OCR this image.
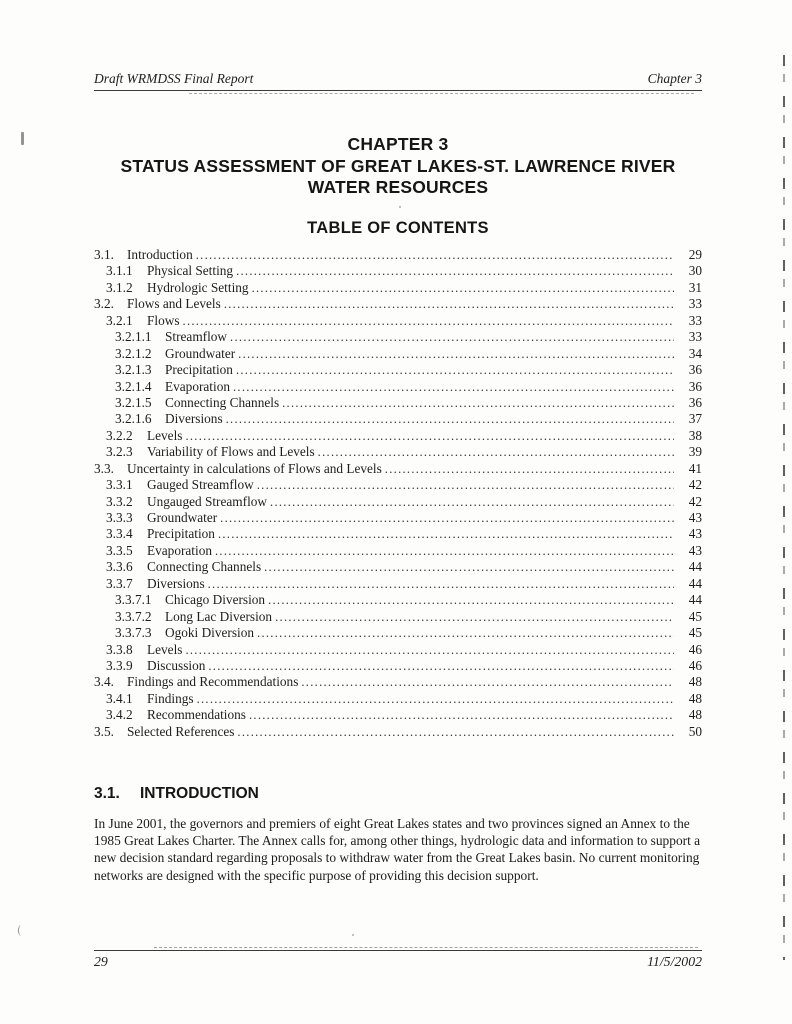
Draft WRMDSS Final Report	Chapter 3
CHAPTER 3
STATUS ASSESSMENT OF GREAT LAKES-ST. LAWRENCE RIVER
WATER RESOURCES
TABLE OF CONTENTS
3.1. Introduction .....	29
3.1.1	Physical Setting .....	30
3.1.2	Hydrologic Setting .....	31
3.2. Flows and Levels .....	33
3.2.1	Flows .....	33
3.2.1.1	Streamflow .....	33
3.2.1.2	Groundwater .....	34
3.2.1.3	Precipitation .....	36
3.2.1.4	Evaporation .....	36
3.2.1.5	Connecting Channels .....	36
3.2.1.6	Diversions .....	37
3.2.2	Levels .....	38
3.2.3	Variability of Flows and Levels .....	39
3.3. Uncertainty in calculations of Flows and Levels .....	41
3.3.1	Gauged Streamflow .....	42
3.3.2	Ungauged Streamflow .....	42
3.3.3	Groundwater .....	43
3.3.4	Precipitation .....	43
3.3.5	Evaporation .....	43
3.3.6	Connecting Channels .....	44
3.3.7	Diversions .....	44
3.3.7.1	Chicago Diversion .....	44
3.3.7.2	Long Lac Diversion .....	45
3.3.7.3	Ogoki Diversion .....	45
3.3.8	Levels .....	46
3.3.9	Discussion .....	46
3.4. Findings and Recommendations .....	48
3.4.1	Findings .....	48
3.4.2	Recommendations .....	48
3.5. Selected References .....	50
3.1. INTRODUCTION
In June 2001, the governors and premiers of eight Great Lakes states and two provinces signed an Annex to the 1985 Great Lakes Charter. The Annex calls for, among other things, hydrologic data and information to support a new decision standard regarding proposals to withdraw water from the Great Lakes basin. No current monitoring networks are designed with the specific purpose of providing this decision support.
29	11/5/2002
